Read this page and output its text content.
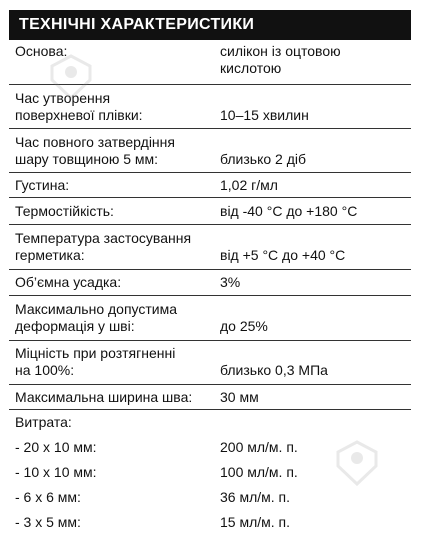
ТЕХНІЧНІ ХАРАКТЕРИСТИКИ
Основа:	силікон із оцтовою
кислотою
Час утворення
поверхневої плівки:	10–15 хвилин
Час повного затвердіння
шару товщиною 5 мм:	близько 2 діб
Густина:	1,02 г/мл
Термостійкість:	від -40 °С до +180 °С
Температура застосування
герметика:	від +5 °С до +40 °С
Об’ємна усадка:	3%
Максимально допустима
деформація у шві:	до 25%
Міцність при розтягненні
на 100%:	близько 0,3 МПа
Максимальна ширина шва:	30 мм
Витрата:
- 20 х 10 мм:	200 мл/м. п.
- 10 х 10 мм:	100 мл/м. п.
- 6 х 6 мм:	36 мл/м. п.
- 3 х 5 мм:	15 мл/м. п.
